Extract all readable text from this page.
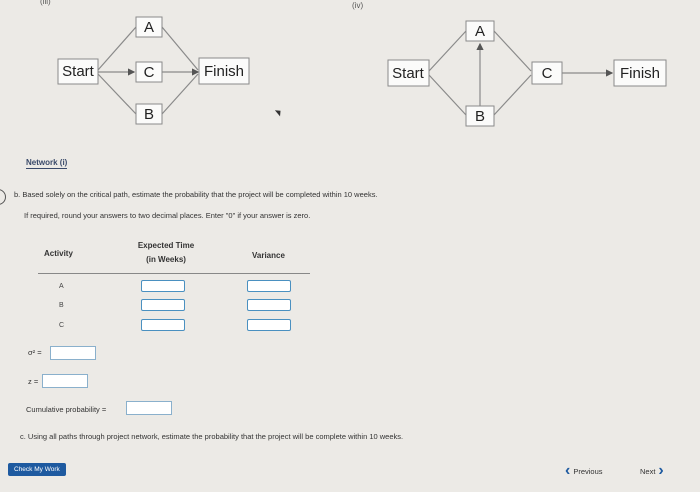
(iii)	(iv)
Start
A
C
B
Finish	Start
A
B
C	Finish
Network (i)
b. Based solely on the critical path, estimate the probability that the project will be completed within 10 weeks.
If required, round your answers to two decimal places. Enter "0" if your answer is zero.
Activity
Expected Time
(in Weeks)	Variance
A
B
C
σ² =
z =
Cumulative probability =
c. Using all paths through project network, estimate the probability that the project will be complete within 10 weeks.
Check My Work	‹ Previous	Next ›
